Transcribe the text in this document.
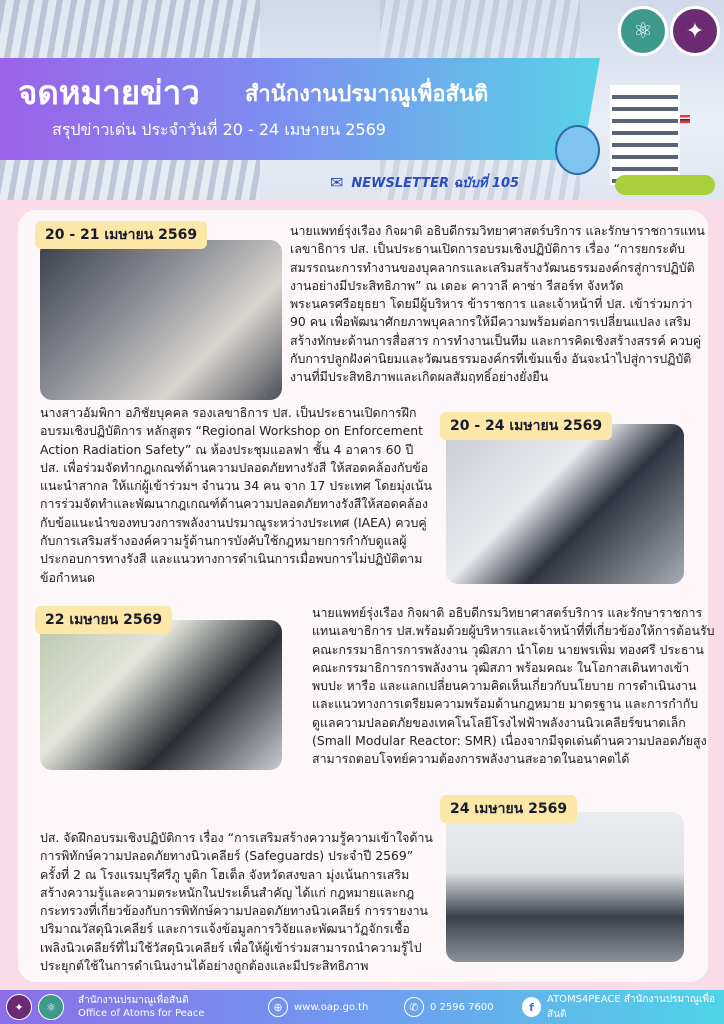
จดหมายข่าว สำนักงานปรมาณูเพื่อสันติ
สรุปข่าวเด่น ประจำวันที่ 20 - 24 เมษายน 2569
✉ NEWSLETTER ฉบับที่ 105
⚛	✦
20 - 21 เมษายน 2569	นายแพทย์รุ่งเรือง กิจผาติ อธิบดีกรมวิทยาศาสตร์บริการ และรักษาราชการแทนเลขาธิการ ปส. เป็นประธานเปิดการอบรมเชิงปฏิบัติการ เรื่อง “การยกระดับสมรรถนะการทำงานของบุคลากรและเสริมสร้างวัฒนธรรมองค์กรสู่การปฏิบัติงานอย่างมีประสิทธิภาพ” ณ เดอะ คาวาลี คาซ่า รีสอร์ท จังหวัดพระนครศรีอยุธยา โดยมีผู้บริหาร ข้าราชการ และเจ้าหน้าที่ ปส. เข้าร่วมกว่า 90 คน เพื่อพัฒนาศักยภาพบุคลากรให้มีความพร้อมต่อการเปลี่ยนแปลง เสริมสร้างทักษะด้านการสื่อสาร การทำงานเป็นทีม และการคิดเชิงสร้างสรรค์ ควบคู่กับการปลูกฝังค่านิยมและวัฒนธรรมองค์กรที่เข้มแข็ง อันจะนำไปสู่การปฏิบัติงานที่มีประสิทธิภาพและเกิดผลสัมฤทธิ์อย่างยั่งยืน
นางสาวอัมพิกา อภิชัยบุคคล รองเลขาธิการ ปส. เป็นประธานเปิดการฝึกอบรมเชิงปฏิบัติการ หลักสูตร “Regional Workshop on Enforcement Action Radiation Safety” ณ ห้องประชุมแอลฟา ชั้น 4 อาคาร 60 ปี ปส. เพื่อร่วมจัดทำกฎเกณฑ์ด้านความปลอดภัยทางรังสี ให้สอดคล้องกับข้อแนะนำสากล ให้แก่ผู้เข้าร่วมฯ จำนวน 34 คน จาก 17 ประเทศ โดยมุ่งเน้นการร่วมจัดทำและพัฒนากฎเกณฑ์ด้านความปลอดภัยทางรังสีให้สอดคล้องกับข้อแนะนำของทบวงการพลังงานปรมาณูระหว่างประเทศ (IAEA) ควบคู่กับการเสริมสร้างองค์ความรู้ด้านการบังคับใช้กฎหมายการกำกับดูแลผู้ประกอบการทางรังสี และแนวทางการดำเนินการเมื่อพบการไม่ปฏิบัติตามข้อกำหนด
20 - 24 เมษายน 2569
22 เมษายน 2569	นายแพทย์รุ่งเรือง กิจผาติ อธิบดีกรมวิทยาศาสตร์บริการ และรักษาราชการแทนเลขาธิการ ปส.พร้อมด้วยผู้บริหารและเจ้าหน้าที่ที่เกี่ยวข้องให้การต้อนรับคณะกรรมาธิการการพลังงาน วุฒิสภา นำโดย นายพรเพิ่ม ทองศรี ประธานคณะกรรมาธิการการพลังงาน วุฒิสภา พร้อมคณะ ในโอกาสเดินทางเข้าพบปะ หารือ และแลกเปลี่ยนความคิดเห็นเกี่ยวกับนโยบาย การดำเนินงาน และแนวทางการเตรียมความพร้อมด้านกฎหมาย มาตรฐาน และการกำกับดูแลความปลอดภัยของเทคโนโลยีโรงไฟฟ้าพลังงานนิวเคลียร์ขนาดเล็ก (Small Modular Reactor: SMR) เนื่องจากมีจุดเด่นด้านความปลอดภัยสูง สามารถตอบโจทย์ความต้องการพลังงานสะอาดในอนาคตได้
ปส. จัดฝึกอบรมเชิงปฏิบัติการ เรื่อง “การเสริมสร้างความรู้ความเข้าใจด้านการพิทักษ์ความปลอดภัยทางนิวเคลียร์ (Safeguards) ประจำปี 2569” ครั้งที่ 2 ณ โรงแรมบุรีศรีภู บูติก โฮเต็ล จังหวัดสงขลา มุ่งเน้นการเสริมสร้างความรู้และความตระหนักในประเด็นสำคัญ ได้แก่ กฎหมายและกฎกระทรวงที่เกี่ยวข้องกับการพิทักษ์ความปลอดภัยทางนิวเคลียร์ การรายงานปริมาณวัสดุนิวเคลียร์ และการแจ้งข้อมูลการวิจัยและพัฒนาวัฏจักรเชื้อเพลิงนิวเคลียร์ที่ไม่ใช้วัสดุนิวเคลียร์ เพื่อให้ผู้เข้าร่วมสามารถนำความรู้ไปประยุกต์ใช้ในการดำเนินงานได้อย่างถูกต้องและมีประสิทธิภาพ
24 เมษายน 2569
✦	⚛	สำนักงานปรมาณูเพื่อสันติ
Office of Atoms for Peace	⊕	www.oap.go.th	✆	0 2596 7600	f
ATOMS4PEACE สำนักงานปรมาณูเพื่อสันติ
